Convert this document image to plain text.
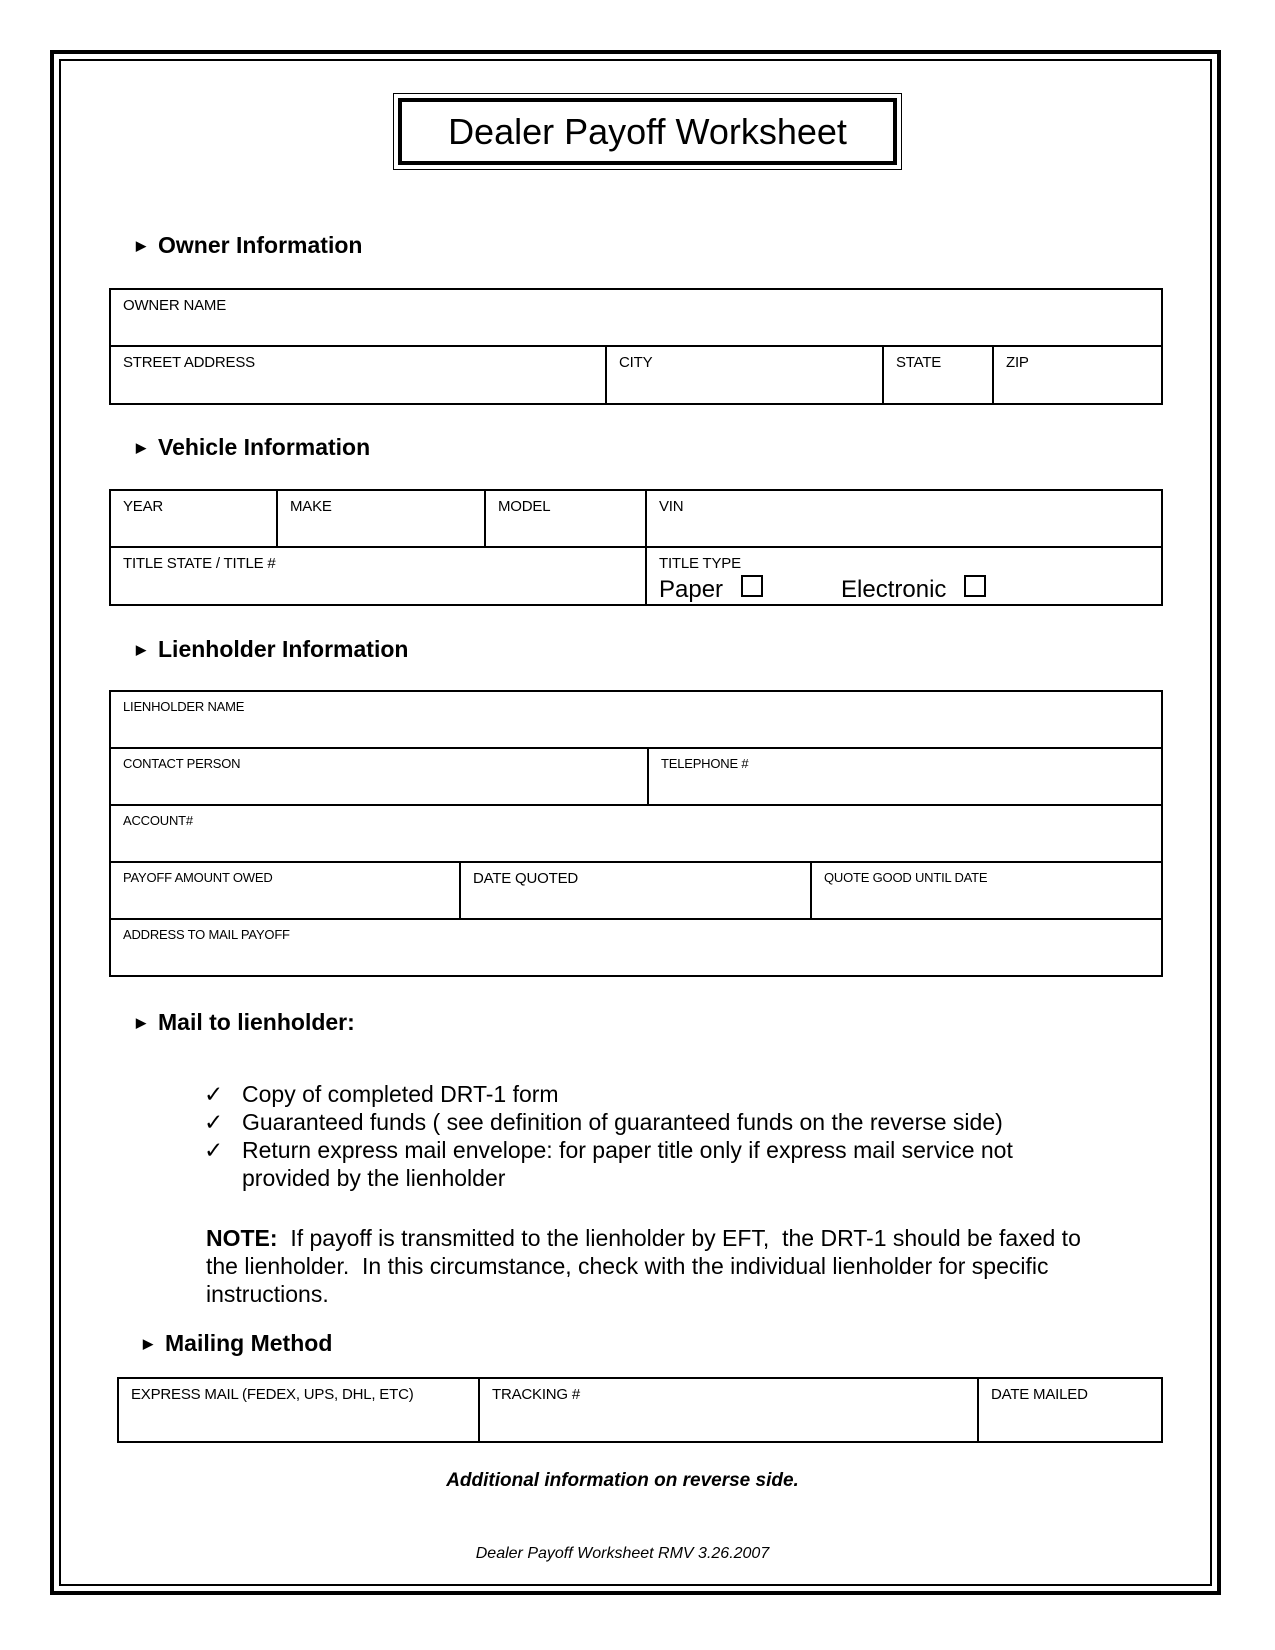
Dealer Payoff Worksheet
▶ Owner Information
OWNER NAME

STREET ADDRESS	CITY	STATE	ZIP
▶ Vehicle Information
YEAR	MAKE	MODEL	VIN

TITLE STATE / TITLE #			TITLE TYPE
Paper Electronic
▶ Lienholder Information
LIENHOLDER NAME			

CONTACT PERSON		TELEPHONE #	

ACCOUNT#			

PAYOFF AMOUNT OWED	DATE QUOTED		QUOTE GOOD UNTIL DATE

ADDRESS TO MAIL PAYOFF			
▶ Mail to lienholder:
✓ Copy of completed DRT-1 form
✓ Guaranteed funds ( see definition of guaranteed funds on the reverse side)
✓ Return express mail envelope: for paper title only if express mail service not provided by the lienholder
NOTE:  If payoff is transmitted to the lienholder by EFT,  the DRT-1 should be faxed to the lienholder.  In this circumstance, check with the individual lienholder for specific instructions.
▶ Mailing Method
EXPRESS MAIL (FEDEX, UPS, DHL, ETC)	TRACKING #	DATE MAILED
Additional information on reverse side.
Dealer Payoff Worksheet RMV 3.26.2007
